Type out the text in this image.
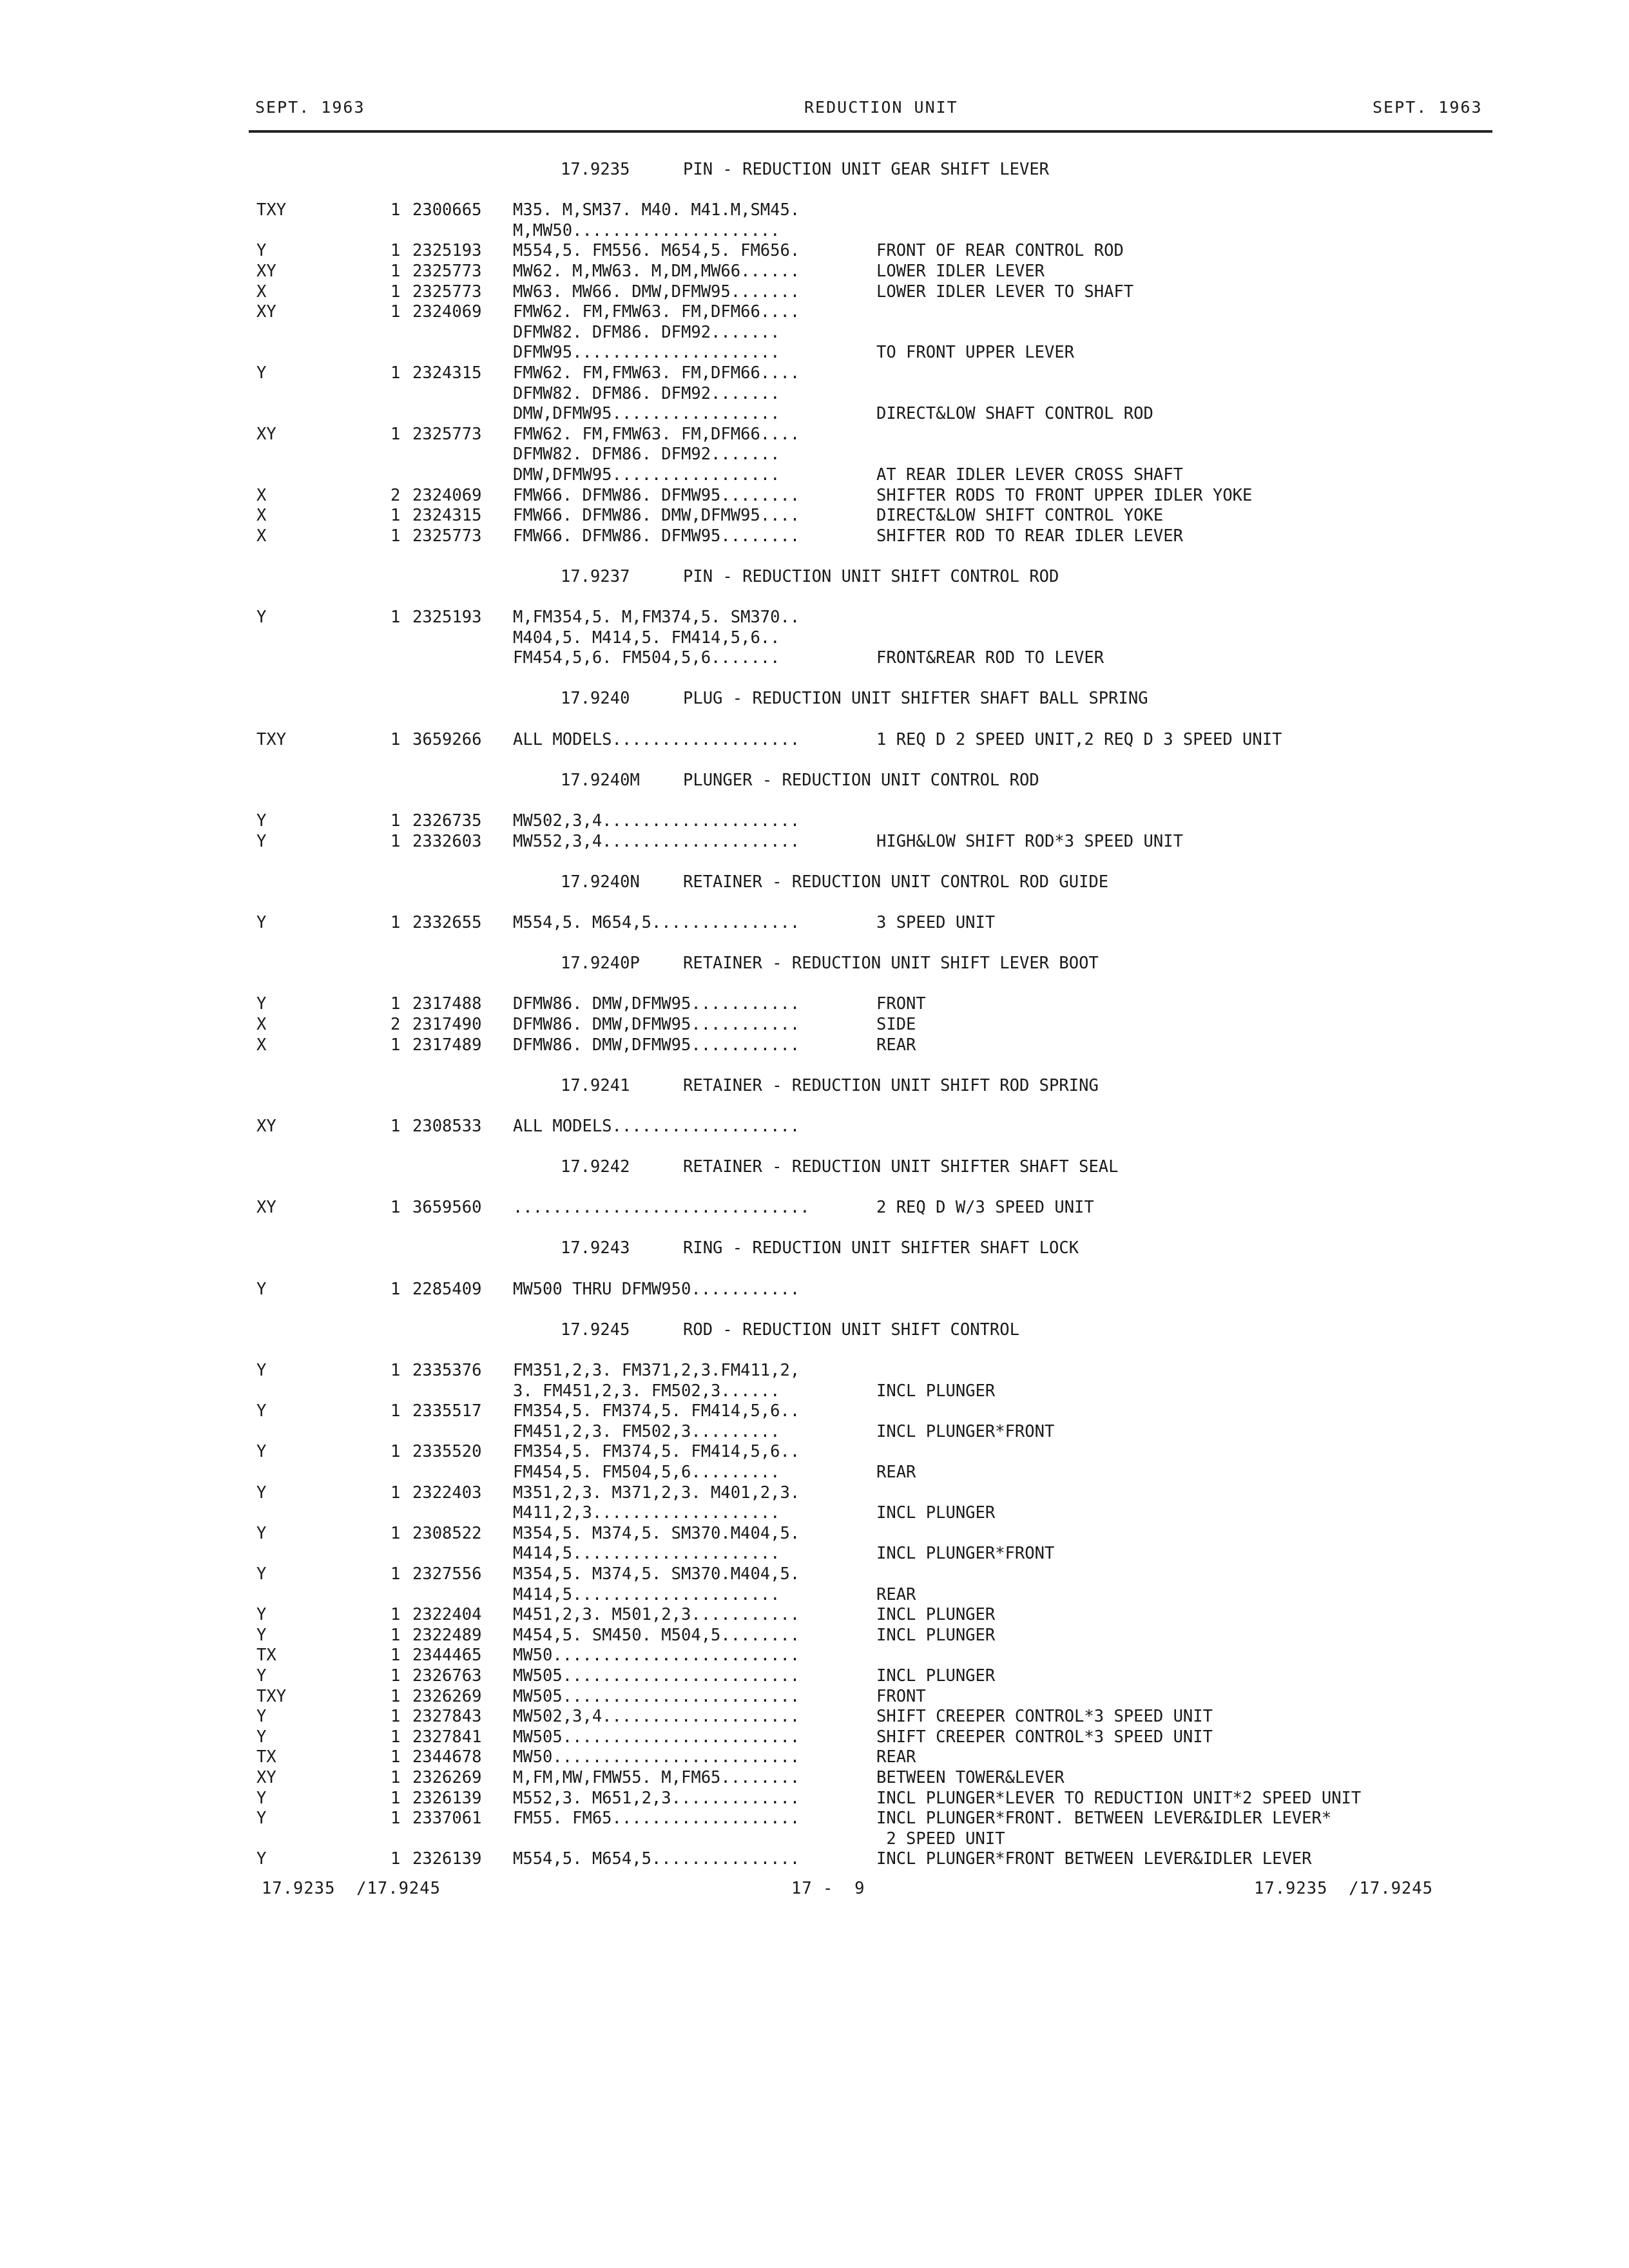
SEPT. 1963	REDUCTION UNIT	SEPT. 1963
17.9235	PIN - REDUCTION UNIT GEAR SHIFT LEVER
TXY	1 2300665 M35. M,SM37. M40. M41.M,SM45.
M,MW50.....................
Y	1 2325193 M554,5. FM556. M654,5. FM656.	FRONT OF REAR CONTROL ROD
XY	1 2325773 MW62. M,MW63. M,DM,MW66......	LOWER IDLER LEVER
X	1 2325773 MW63. MW66. DMW,DFMW95.......	LOWER IDLER LEVER TO SHAFT
XY	1 2324069 FMW62. FM,FMW63. FM,DFM66....
DFMW82. DFM86. DFM92.......
DFMW95.....................	TO FRONT UPPER LEVER
Y	1 2324315 FMW62. FM,FMW63. FM,DFM66....
DFMW82. DFM86. DFM92.......
DMW,DFMW95.................	DIRECT&LOW SHAFT CONTROL ROD
XY	1 2325773 FMW62. FM,FMW63. FM,DFM66....
DFMW82. DFM86. DFM92.......
DMW,DFMW95.................	AT REAR IDLER LEVER CROSS SHAFT
X	2 2324069 FMW66. DFMW86. DFMW95........	SHIFTER RODS TO FRONT UPPER IDLER YOKE
X	1 2324315 FMW66. DFMW86. DMW,DFMW95....	DIRECT&LOW SHIFT CONTROL YOKE
X	1 2325773 FMW66. DFMW86. DFMW95........	SHIFTER ROD TO REAR IDLER LEVER
17.9237	PIN - REDUCTION UNIT SHIFT CONTROL ROD
Y	1 2325193 M,FM354,5. M,FM374,5. SM370..
M404,5. M414,5. FM414,5,6..
FM454,5,6. FM504,5,6.......	FRONT&REAR ROD TO LEVER
17.9240	PLUG - REDUCTION UNIT SHIFTER SHAFT BALL SPRING
TXY	1 3659266 ALL MODELS...................	1 REQ D 2 SPEED UNIT,2 REQ D 3 SPEED UNIT
17.9240M	PLUNGER - REDUCTION UNIT CONTROL ROD
Y	1 2326735 MW502,3,4....................
Y	1 2332603 MW552,3,4....................	HIGH&LOW SHIFT ROD*3 SPEED UNIT
17.9240N	RETAINER - REDUCTION UNIT CONTROL ROD GUIDE
Y	1 2332655 M554,5. M654,5...............	3 SPEED UNIT
17.9240P	RETAINER - REDUCTION UNIT SHIFT LEVER BOOT
Y	1 2317488 DFMW86. DMW,DFMW95...........	FRONT
X	2 2317490 DFMW86. DMW,DFMW95...........	SIDE
X	1 2317489 DFMW86. DMW,DFMW95...........	REAR
17.9241	RETAINER - REDUCTION UNIT SHIFT ROD SPRING
XY	1 2308533 ALL MODELS...................
17.9242	RETAINER - REDUCTION UNIT SHIFTER SHAFT SEAL
XY	1 3659560 ..............................	2 REQ D W/3 SPEED UNIT
17.9243	RING - REDUCTION UNIT SHIFTER SHAFT LOCK
Y	1 2285409 MW500 THRU DFMW950...........
17.9245	ROD - REDUCTION UNIT SHIFT CONTROL
Y	1 2335376 FM351,2,3. FM371,2,3.FM411,2,
3. FM451,2,3. FM502,3......	INCL PLUNGER
Y	1 2335517 FM354,5. FM374,5. FM414,5,6..
FM451,2,3. FM502,3.........	INCL PLUNGER*FRONT
Y	1 2335520 FM354,5. FM374,5. FM414,5,6..
FM454,5. FM504,5,6.........	REAR
Y	1 2322403 M351,2,3. M371,2,3. M401,2,3.
M411,2,3...................	INCL PLUNGER
Y	1 2308522 M354,5. M374,5. SM370.M404,5.
M414,5.....................	INCL PLUNGER*FRONT
Y	1 2327556 M354,5. M374,5. SM370.M404,5.
M414,5.....................	REAR
Y	1 2322404 M451,2,3. M501,2,3...........	INCL PLUNGER
Y	1 2322489 M454,5. SM450. M504,5........	INCL PLUNGER
TX	1 2344465 MW50.........................
Y	1 2326763 MW505........................	INCL PLUNGER
TXY	1 2326269 MW505........................	FRONT
Y	1 2327843 MW502,3,4....................	SHIFT CREEPER CONTROL*3 SPEED UNIT
Y	1 2327841 MW505........................	SHIFT CREEPER CONTROL*3 SPEED UNIT
TX	1 2344678 MW50.........................	REAR
XY	1 2326269 M,FM,MW,FMW55. M,FM65........	BETWEEN TOWER&LEVER
Y	1 2326139 M552,3. M651,2,3.............	INCL PLUNGER*LEVER TO REDUCTION UNIT*2 SPEED UNIT
Y	1 2337061 FM55. FM65...................	INCL PLUNGER*FRONT. BETWEEN LEVER&IDLER LEVER*
2 SPEED UNIT
Y	1 2326139 M554,5. M654,5...............	INCL PLUNGER*FRONT BETWEEN LEVER&IDLER LEVER
17.9235  /17.9245	17 -  9	17.9235  /17.9245
